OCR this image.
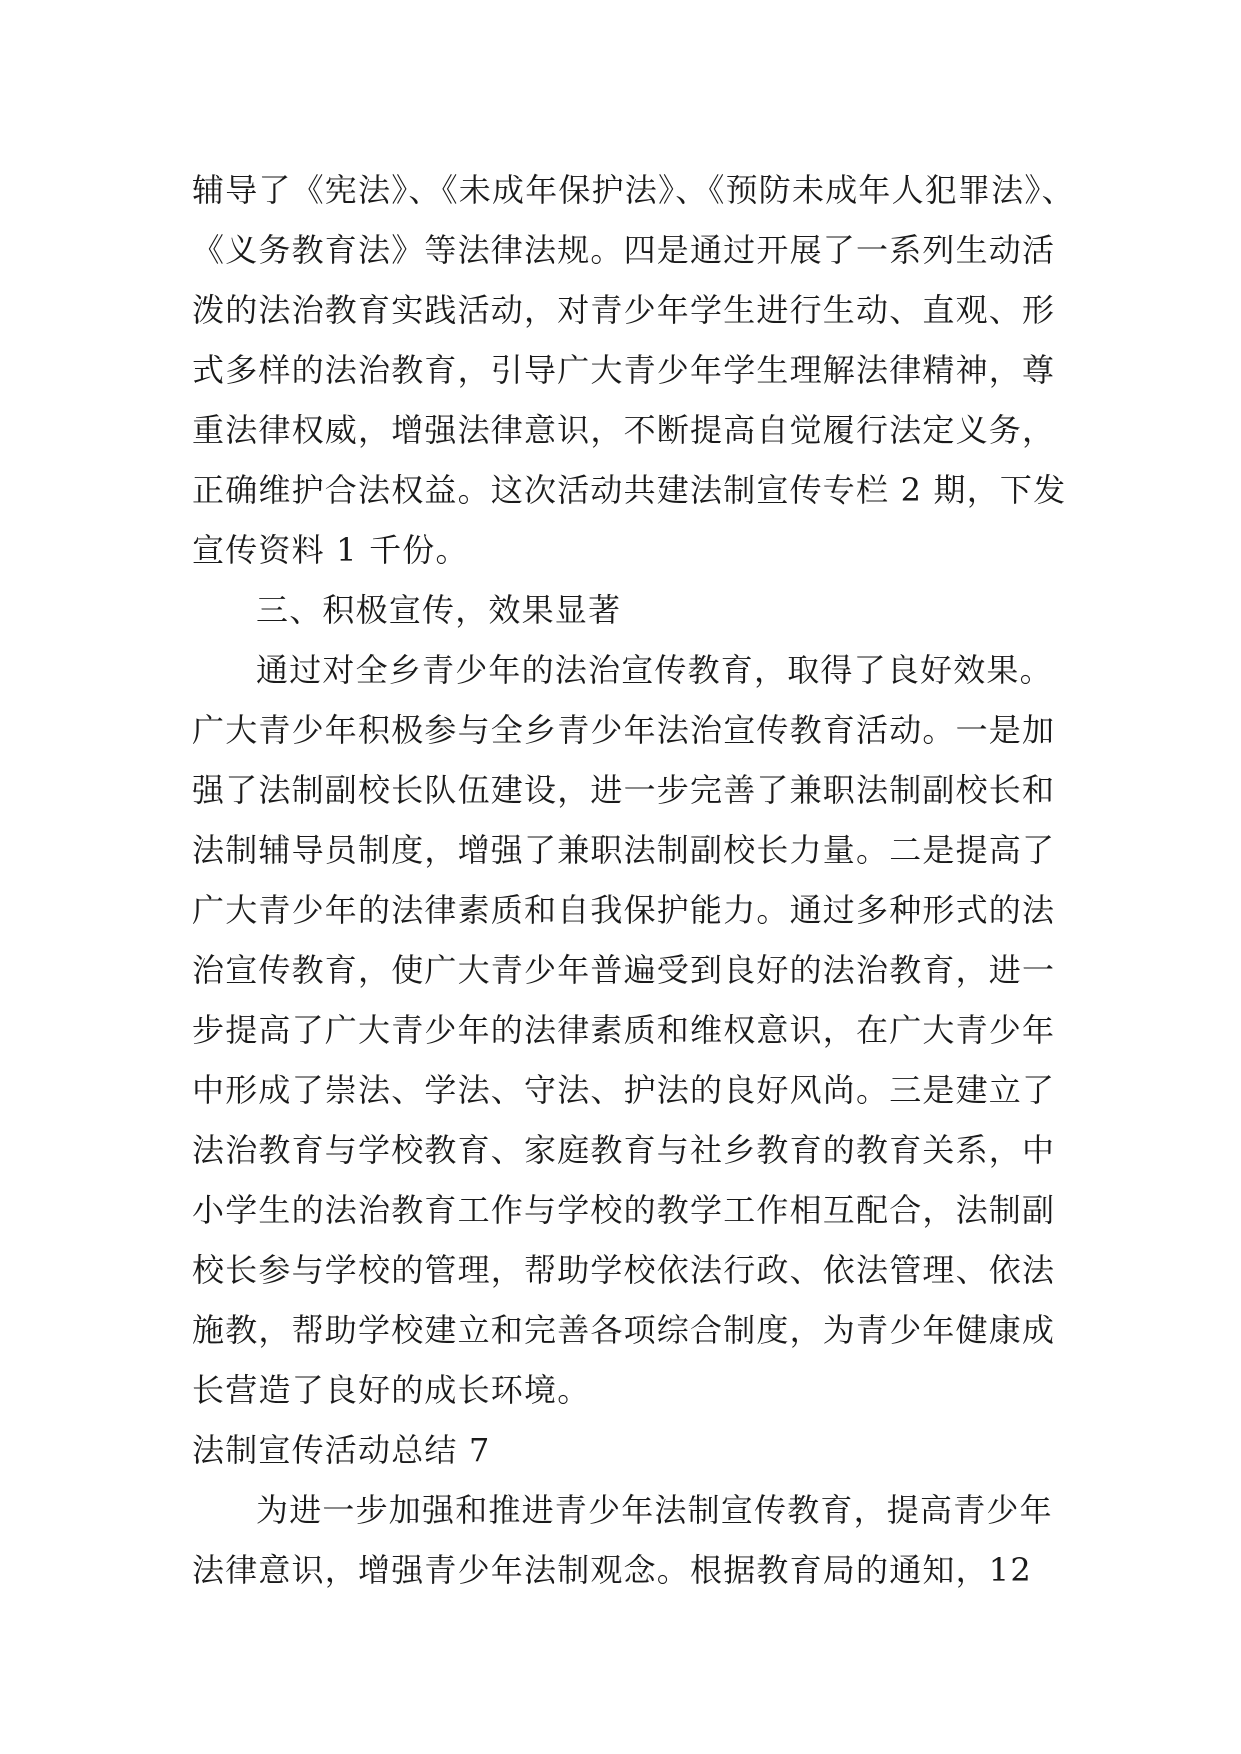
辅导了《宪法》、《未成年保护法》、《预防未成年人犯罪法》、
《义务教育法》等法律法规。四是通过开展了一系列生动活
泼的法治教育实践活动，对青少年学生进行生动、直观、形
式多样的法治教育，引导广大青少年学生理解法律精神，尊
重法律权威，增强法律意识，不断提高自觉履行法定义务，
正确维护合法权益。这次活动共建法制宣传专栏 2 期，下发
宣传资料 1 千份。
三、积极宣传，效果显著
通过对全乡青少年的法治宣传教育，取得了良好效果。
广大青少年积极参与全乡青少年法治宣传教育活动。一是加
强了法制副校长队伍建设，进一步完善了兼职法制副校长和
法制辅导员制度，增强了兼职法制副校长力量。二是提高了
广大青少年的法律素质和自我保护能力。通过多种形式的法
治宣传教育，使广大青少年普遍受到良好的法治教育，进一
步提高了广大青少年的法律素质和维权意识，在广大青少年
中形成了崇法、学法、守法、护法的良好风尚。三是建立了
法治教育与学校教育、家庭教育与社乡教育的教育关系，中
小学生的法治教育工作与学校的教学工作相互配合，法制副
校长参与学校的管理，帮助学校依法行政、依法管理、依法
施教，帮助学校建立和完善各项综合制度，为青少年健康成
长营造了良好的成长环境。
法制宣传活动总结 7
为进一步加强和推进青少年法制宣传教育，提高青少年
法律意识，增强青少年法制观念。根据教育局的通知，12
